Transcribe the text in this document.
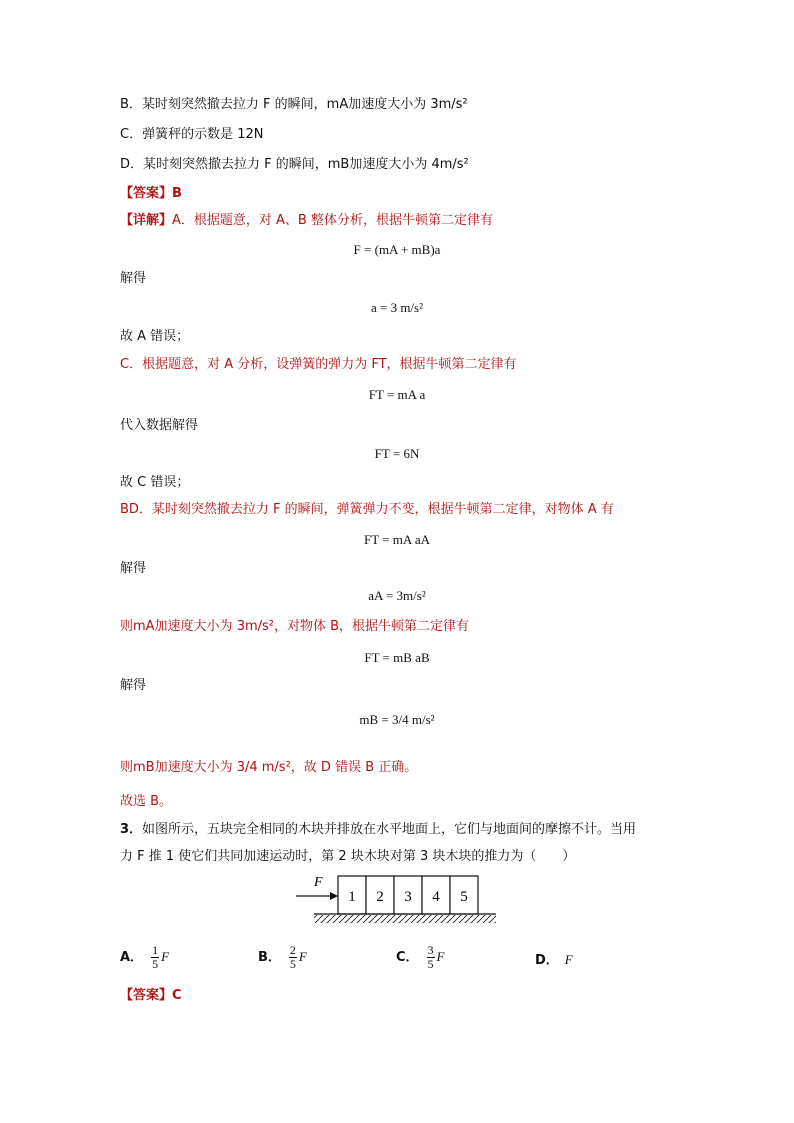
B．某时刻突然撤去拉力 F 的瞬间，mA加速度大小为 3m/s²
C．弹簧秤的示数是 12N
D．某时刻突然撤去拉力 F 的瞬间，mB加速度大小为 4m/s²
【答案】B
【详解】A．根据题意，对 A、B 整体分析，根据牛顿第二定律有
F = (mA + mB)a
解得
a = 3 m/s²
故 A 错误；
C．根据题意，对 A 分析，设弹簧的弹力为 FT，根据牛顿第二定律有
FT = mA a
代入数据解得
FT = 6N
故 C 错误；
BD．某时刻突然撤去拉力 F 的瞬间，弹簧弹力不变，根据牛顿第二定律，对物体 A 有
FT = mA aA
解得
aA = 3m/s²
则mA加速度大小为 3m/s²，对物体 B，根据牛顿第二定律有
FT = mB aB
解得
mB = 3/4 m/s²
则mB加速度大小为 3/4 m/s²，故 D 错误 B 正确。
故选 B。
3．如图所示，五块完全相同的木块并排放在水平地面上，它们与地面间的摩擦不计。当用
力 F 推 1 使它们共同加速运动时，第 2 块木块对第 3 块木块的推力为（　　）
F
1 2 3 4 5
A． $\frac{1}{5}$ F	B． $\frac{2}{5}$ F	C． $\frac{3}{5}$ F	D． F
【答案】C
